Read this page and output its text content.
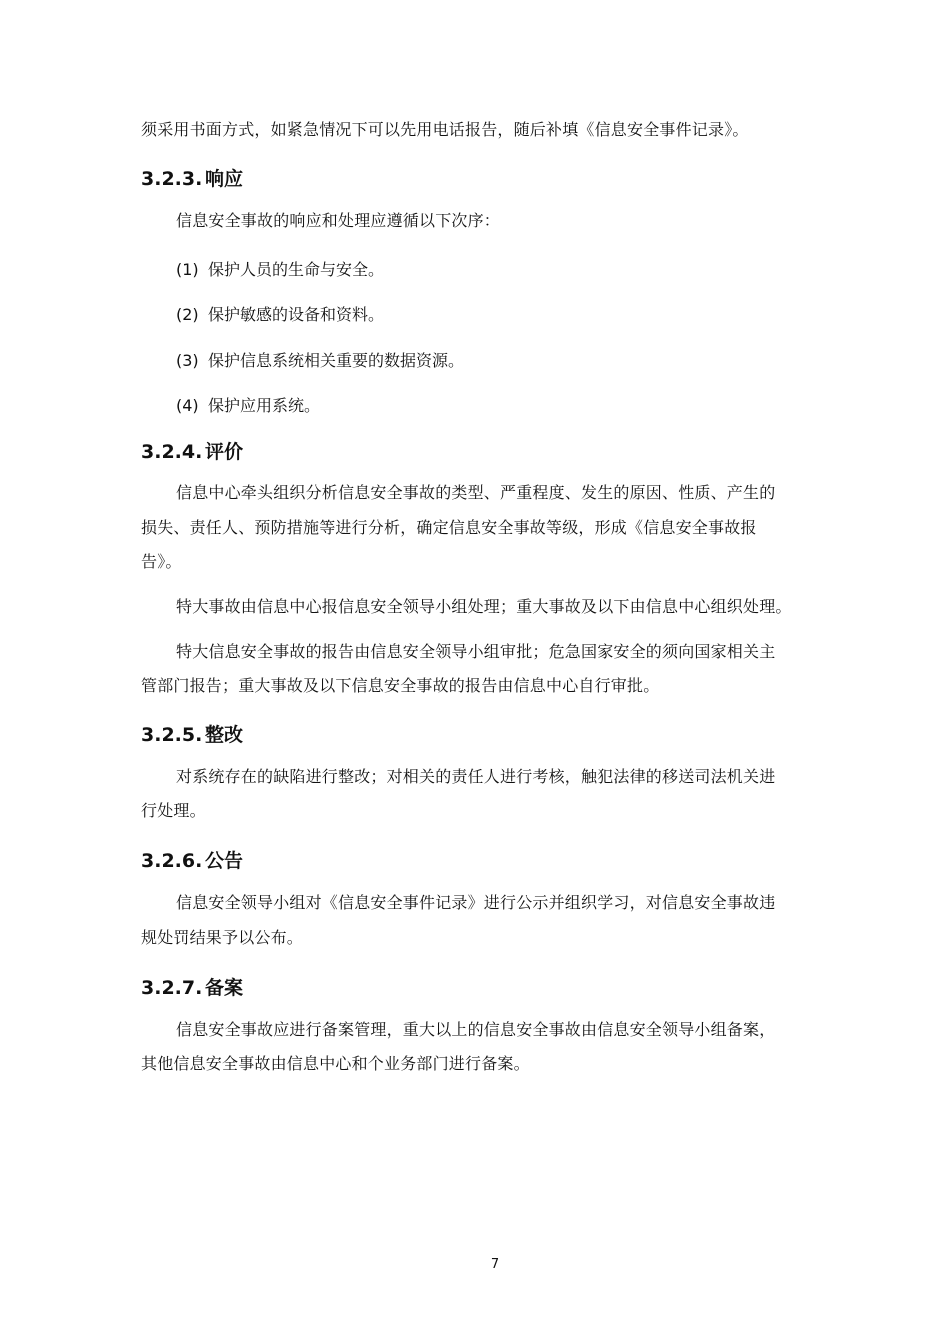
须采用书面方式，如紧急情况下可以先用电话报告，随后补填《信息安全事件记录》。
3.2.3. 响应
信息安全事故的响应和处理应遵循以下次序：
(1) 保护人员的生命与安全。
(2) 保护敏感的设备和资料。
(3) 保护信息系统相关重要的数据资源。
(4) 保护应用系统。
3.2.4. 评价
信息中心牵头组织分析信息安全事故的类型、严重程度、发生的原因、性质、产生的
损失、责任人、预防措施等进行分析，确定信息安全事故等级，形成《信息安全事故报
告》。
特大事故由信息中心报信息安全领导小组处理；重大事故及以下由信息中心组织处理。
特大信息安全事故的报告由信息安全领导小组审批；危急国家安全的须向国家相关主
管部门报告；重大事故及以下信息安全事故的报告由信息中心自行审批。
3.2.5. 整改
对系统存在的缺陷进行整改；对相关的责任人进行考核，触犯法律的移送司法机关进
行处理。
3.2.6. 公告
信息安全领导小组对《信息安全事件记录》进行公示并组织学习，对信息安全事故违
规处罚结果予以公布。
3.2.7. 备案
信息安全事故应进行备案管理，重大以上的信息安全事故由信息安全领导小组备案，
其他信息安全事故由信息中心和个业务部门进行备案。
7
